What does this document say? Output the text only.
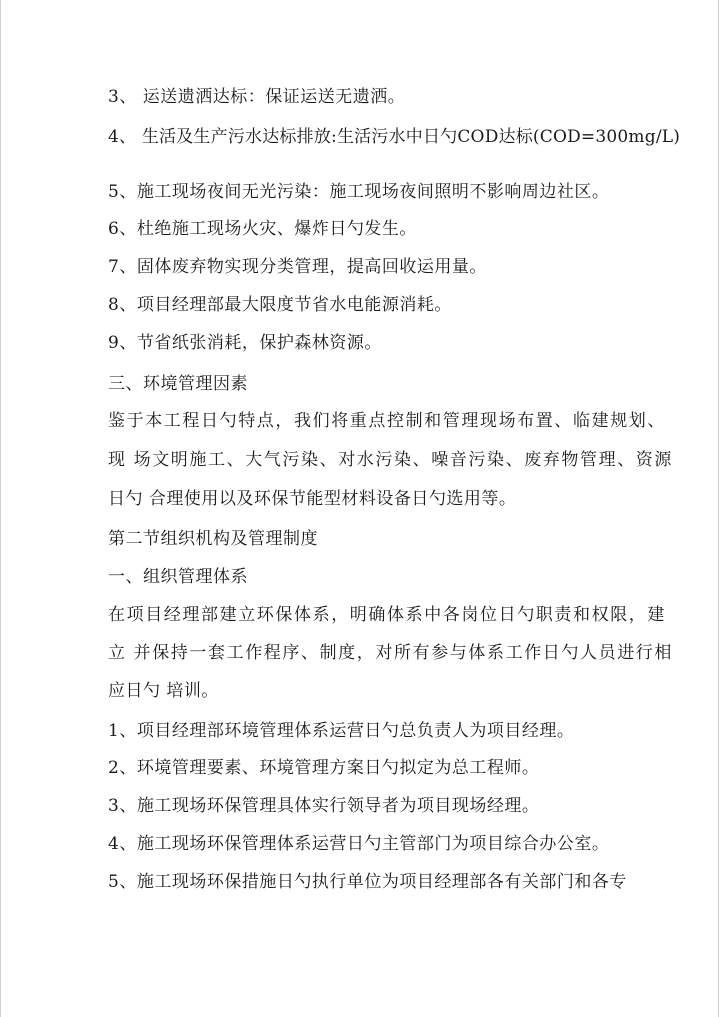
3、 运送遗洒达标：保证运送无遗洒。
4、 生活及生产污水达标排放:生活污水中日勺COD达标(COD=300mg/L)
5、施工现场夜间无光污染：施工现场夜间照明不影响周边社区。
6、杜绝施工现场火灾、爆炸日勺发生。
7、固体废弃物实现分类管理，提高回收运用量。
8、项目经理部最大限度节省水电能源消耗。
9、节省纸张消耗，保护森林资源。
三、环境管理因素
鉴于本工程日勺特点，我们将重点控制和管理现场布置、临建规划、
现 场文明施工、大气污染、对水污染、噪音污染、废弃物管理、资源
日勺 合理使用以及环保节能型材料设备日勺选用等。
第二节组织机构及管理制度
一、组织管理体系
在项目经理部建立环保体系，明确体系中各岗位日勺职责和权限，建
立 并保持一套工作程序、制度，对所有参与体系工作日勺人员进行相
应日勺 培训。
1、项目经理部环境管理体系运营日勺总负责人为项目经理。
2、环境管理要素、环境管理方案日勺拟定为总工程师。
3、施工现场环保管理具体实行领导者为项目现场经理。
4、施工现场环保管理体系运营日勺主管部门为项目综合办公室。
5、施工现场环保措施日勺执行单位为项目经理部各有关部门和各专
